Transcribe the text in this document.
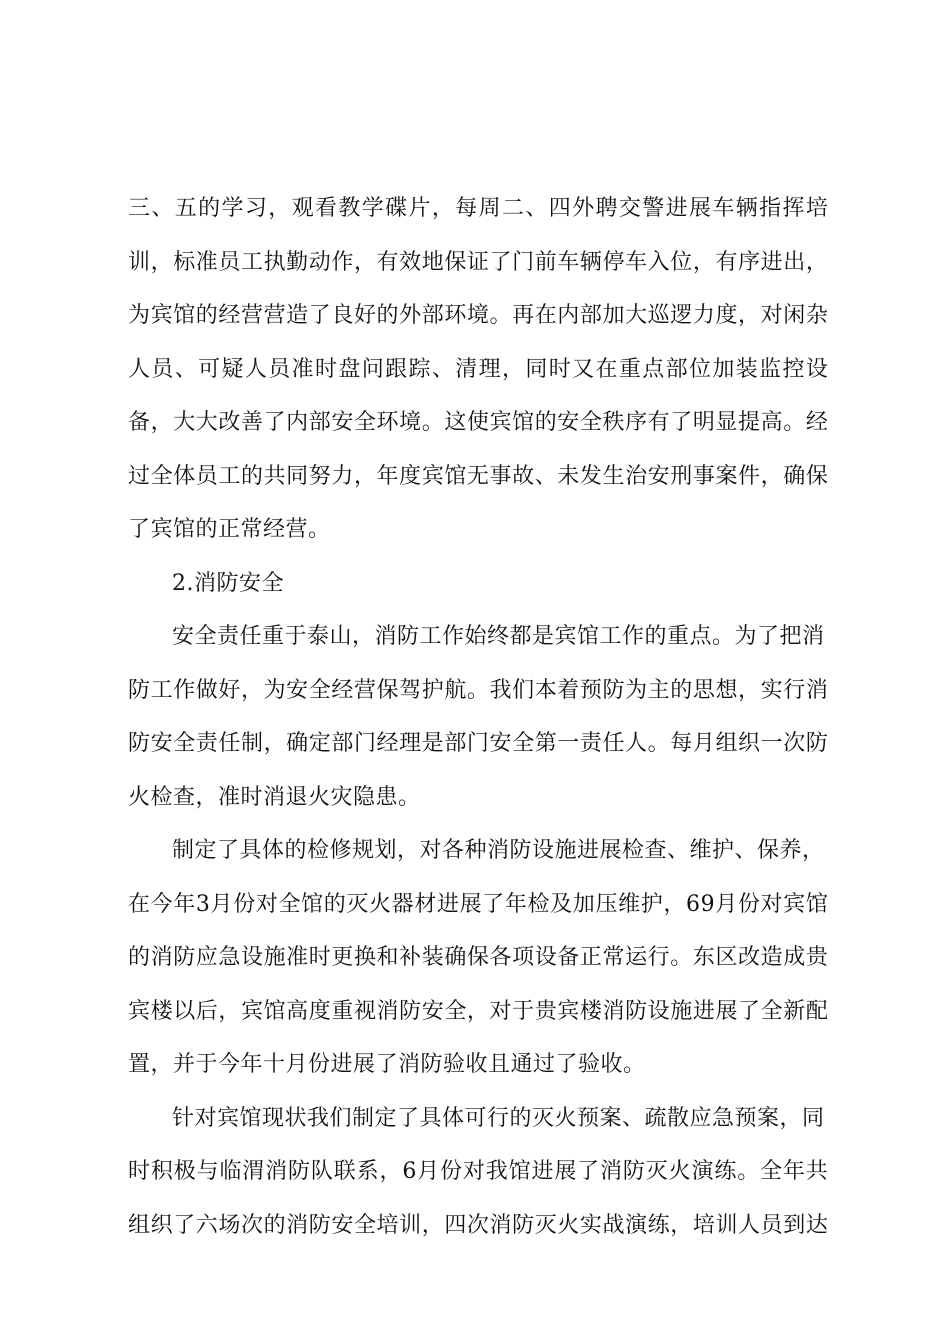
三 、 五 的 学 习 ， 观 看 教 学 碟 片 ， 每 周 二 、 四 外 聘 交 警 进 展 车 辆 指 挥 培
训 ， 标 准 员 工 执 勤 动 作 ， 有 效 地 保 证 了 门 前 车 辆 停 车 入 位 ， 有 序 进 出 ，
为 宾 馆 的 经 营 营 造 了 良 好 的 外 部 环 境 。 再 在 内 部 加 大 巡 逻 力 度 ， 对 闲 杂
人 员 、 可 疑 人 员 准 时 盘 问 跟 踪 、 清 理 ， 同 时 又 在 重 点 部 位 加 装 监 控 设
备 ， 大 大 改 善 了 内 部 安 全 环 境 。 这 使 宾 馆 的 安 全 秩 序 有 了 明 显 提 高 。 经
过 全 体 员 工 的 共 同 努 力 ， 年 度 宾 馆 无 事 故 、 未 发 生 治 安 刑 事 案 件 ， 确 保
了宾馆的正常经营。
2.消防安全
安全责任重于泰山，消防工作始终都是宾馆工作的重点。为了把消
防 工 作 做 好 ， 为 安 全 经 营 保 驾 护 航 。 我 们 本 着 预 防 为 主 的 思 想 ， 实 行 消
防 安 全 责 任 制 ， 确 定 部 门 经 理 是 部 门 安 全 第 一 责 任 人 。 每 月 组 织 一 次 防
火检查，准时消退火灾隐患。
制定了具体的检修规划，对各种消防设施进展检查、维护、保养，
在 今 年 3 月 份 对 全 馆 的 灭 火 器 材 进 展 了 年 检 及 加 压 维 护 ， 6 9 月 份 对 宾 馆
的 消 防 应 急 设 施 准 时 更 换 和 补 装 确 保 各 项 设 备 正 常 运 行 。 东 区 改 造 成 贵
宾 楼 以 后 ， 宾 馆 高 度 重 视 消 防 安 全 ， 对 于 贵 宾 楼 消 防 设 施 进 展 了 全 新 配
置，并于今年十月份进展了消防验收且通过了验收。
针对宾馆现状我们制定了具体可行的灭火预案、疏散应急预案，同
时 积 极 与 临 渭 消 防 队 联 系 ， 6 月 份 对 我 馆 进 展 了 消 防 灭 火 演 练 。 全 年 共
组 织 了 六 场 次 的 消 防 安 全 培 训 ， 四 次 消 防 灭 火 实 战 演 练 ， 培 训 人 员 到 达
